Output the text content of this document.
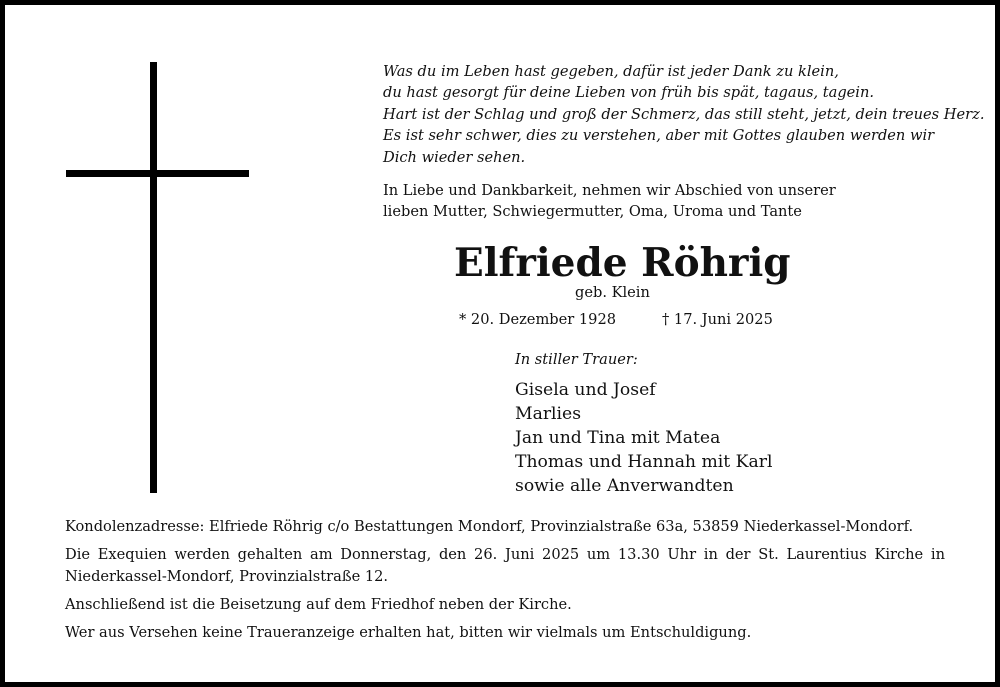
Was du im Leben hast gegeben, dafür ist jeder Dank zu klein,
du hast gesorgt für deine Lieben von früh bis spät, tagaus, tagein.
Hart ist der Schlag und groß der Schmerz, das still steht, jetzt, dein treues Herz.
Es ist sehr schwer, dies zu verstehen, aber mit Gottes glauben werden wir
Dich wieder sehen.
In Liebe und Dankbarkeit, nehmen wir Abschied von unserer
lieben Mutter, Schwiegermutter, Oma, Uroma und Tante
Elfriede Röhrig
geb. Klein
* 20. Dezember 1928	† 17. Juni 2025
In stiller Trauer:
Gisela und Josef
Marlies
Jan und Tina mit Matea
Thomas und Hannah mit Karl
sowie alle Anverwandten

Kondolenzadresse: Elfriede Röhrig c/o Bestattungen Mondorf, Provinzialstraße 63a, 53859 Niederkassel-Mondorf.

Die Exequien werden gehalten am Donnerstag, den 26. Juni 2025 um 13.30 Uhr in der St. Laurentius Kirche in Niederkassel-Mondorf, Provinzialstraße 12.

Anschließend ist die Beisetzung auf dem Friedhof neben der Kirche.

Wer aus Versehen keine Traueranzeige erhalten hat, bitten wir vielmals um Entschuldigung.
